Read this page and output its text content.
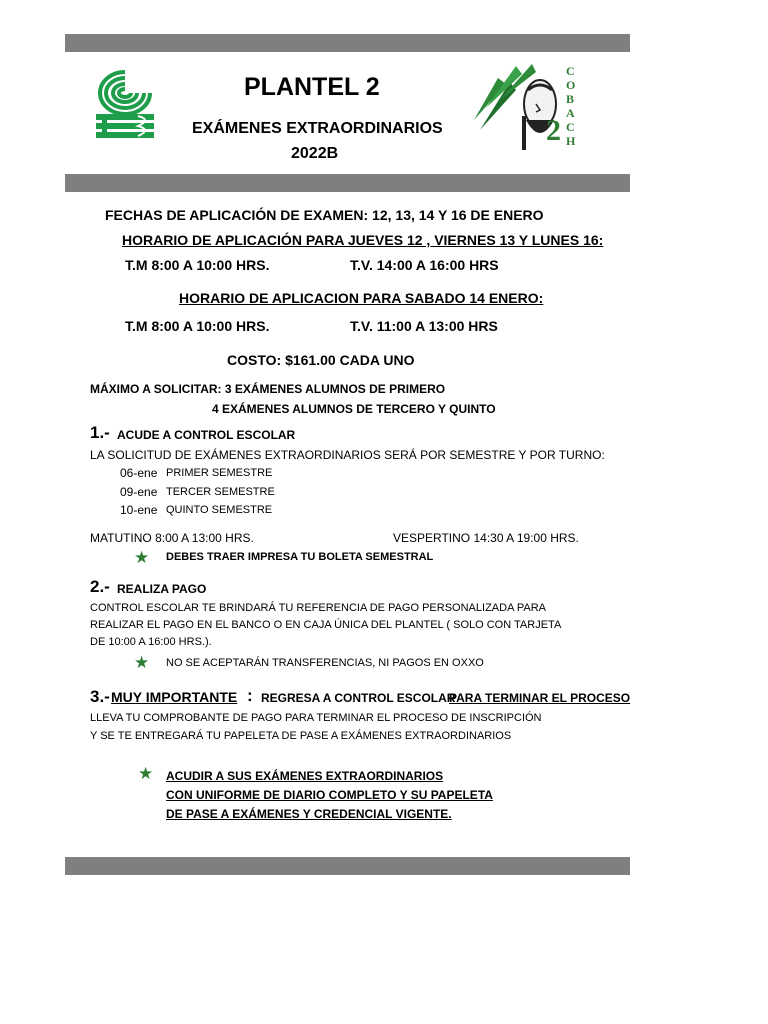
PLANTEL 2
EXÁMENES EXTRAORDINARIOS
2022B
2
C
O
B
A
C
H
FECHAS DE APLICACIÓN DE EXAMEN: 12, 13, 14 Y 16 DE ENERO
HORARIO DE APLICACIÓN PARA JUEVES 12 , VIERNES 13 Y LUNES 16:
T.M 8:00 A 10:00 HRS.	T.V. 14:00 A 16:00 HRS
HORARIO DE APLICACION PARA SABADO 14 ENERO:
T.M 8:00 A 10:00 HRS.	T.V. 11:00 A 13:00 HRS
COSTO: $161.00 CADA UNO
MÁXIMO A SOLICITAR: 3 EXÁMENES ALUMNOS DE PRIMERO
4 EXÁMENES ALUMNOS DE TERCERO Y QUINTO
1.- ACUDE A CONTROL ESCOLAR
LA SOLICITUD DE EXÁMENES EXTRAORDINARIOS SERÁ POR SEMESTRE Y POR TURNO:
06-ene PRIMER SEMESTRE
09-ene TERCER SEMESTRE
10-ene QUINTO SEMESTRE
MATUTINO 8:00 A 13:00 HRS.	VESPERTINO 14:30 A 19:00 HRS.
★ DEBES TRAER IMPRESA TU BOLETA SEMESTRAL
2.- REALIZA PAGO
CONTROL ESCOLAR TE BRINDARÁ TU REFERENCIA DE PAGO PERSONALIZADA PARA
REALIZAR EL PAGO EN EL BANCO O EN CAJA ÚNICA DEL PLANTEL ( SOLO CON TARJETA
DE 10:00 A 16:00 HRS.).
★ NO SE ACEPTARÁN TRANSFERENCIAS, NI PAGOS EN OXXO
3.- MUY IMPORTANTE : REGRESA A CONTROL ESCOLAR
PARA TERMINAR EL PROCESO
LLEVA TU COMPROBANTE DE PAGO PARA TERMINAR EL PROCESO DE INSCRIPCIÓN
Y SE TE ENTREGARÁ TU PAPELETA DE PASE A EXÁMENES EXTRAORDINARIOS
★ ACUDIR A SUS EXÁMENES EXTRAORDINARIOS
CON UNIFORME DE DIARIO COMPLETO Y SU PAPELETA
DE PASE A EXÁMENES Y CREDENCIAL VIGENTE.
